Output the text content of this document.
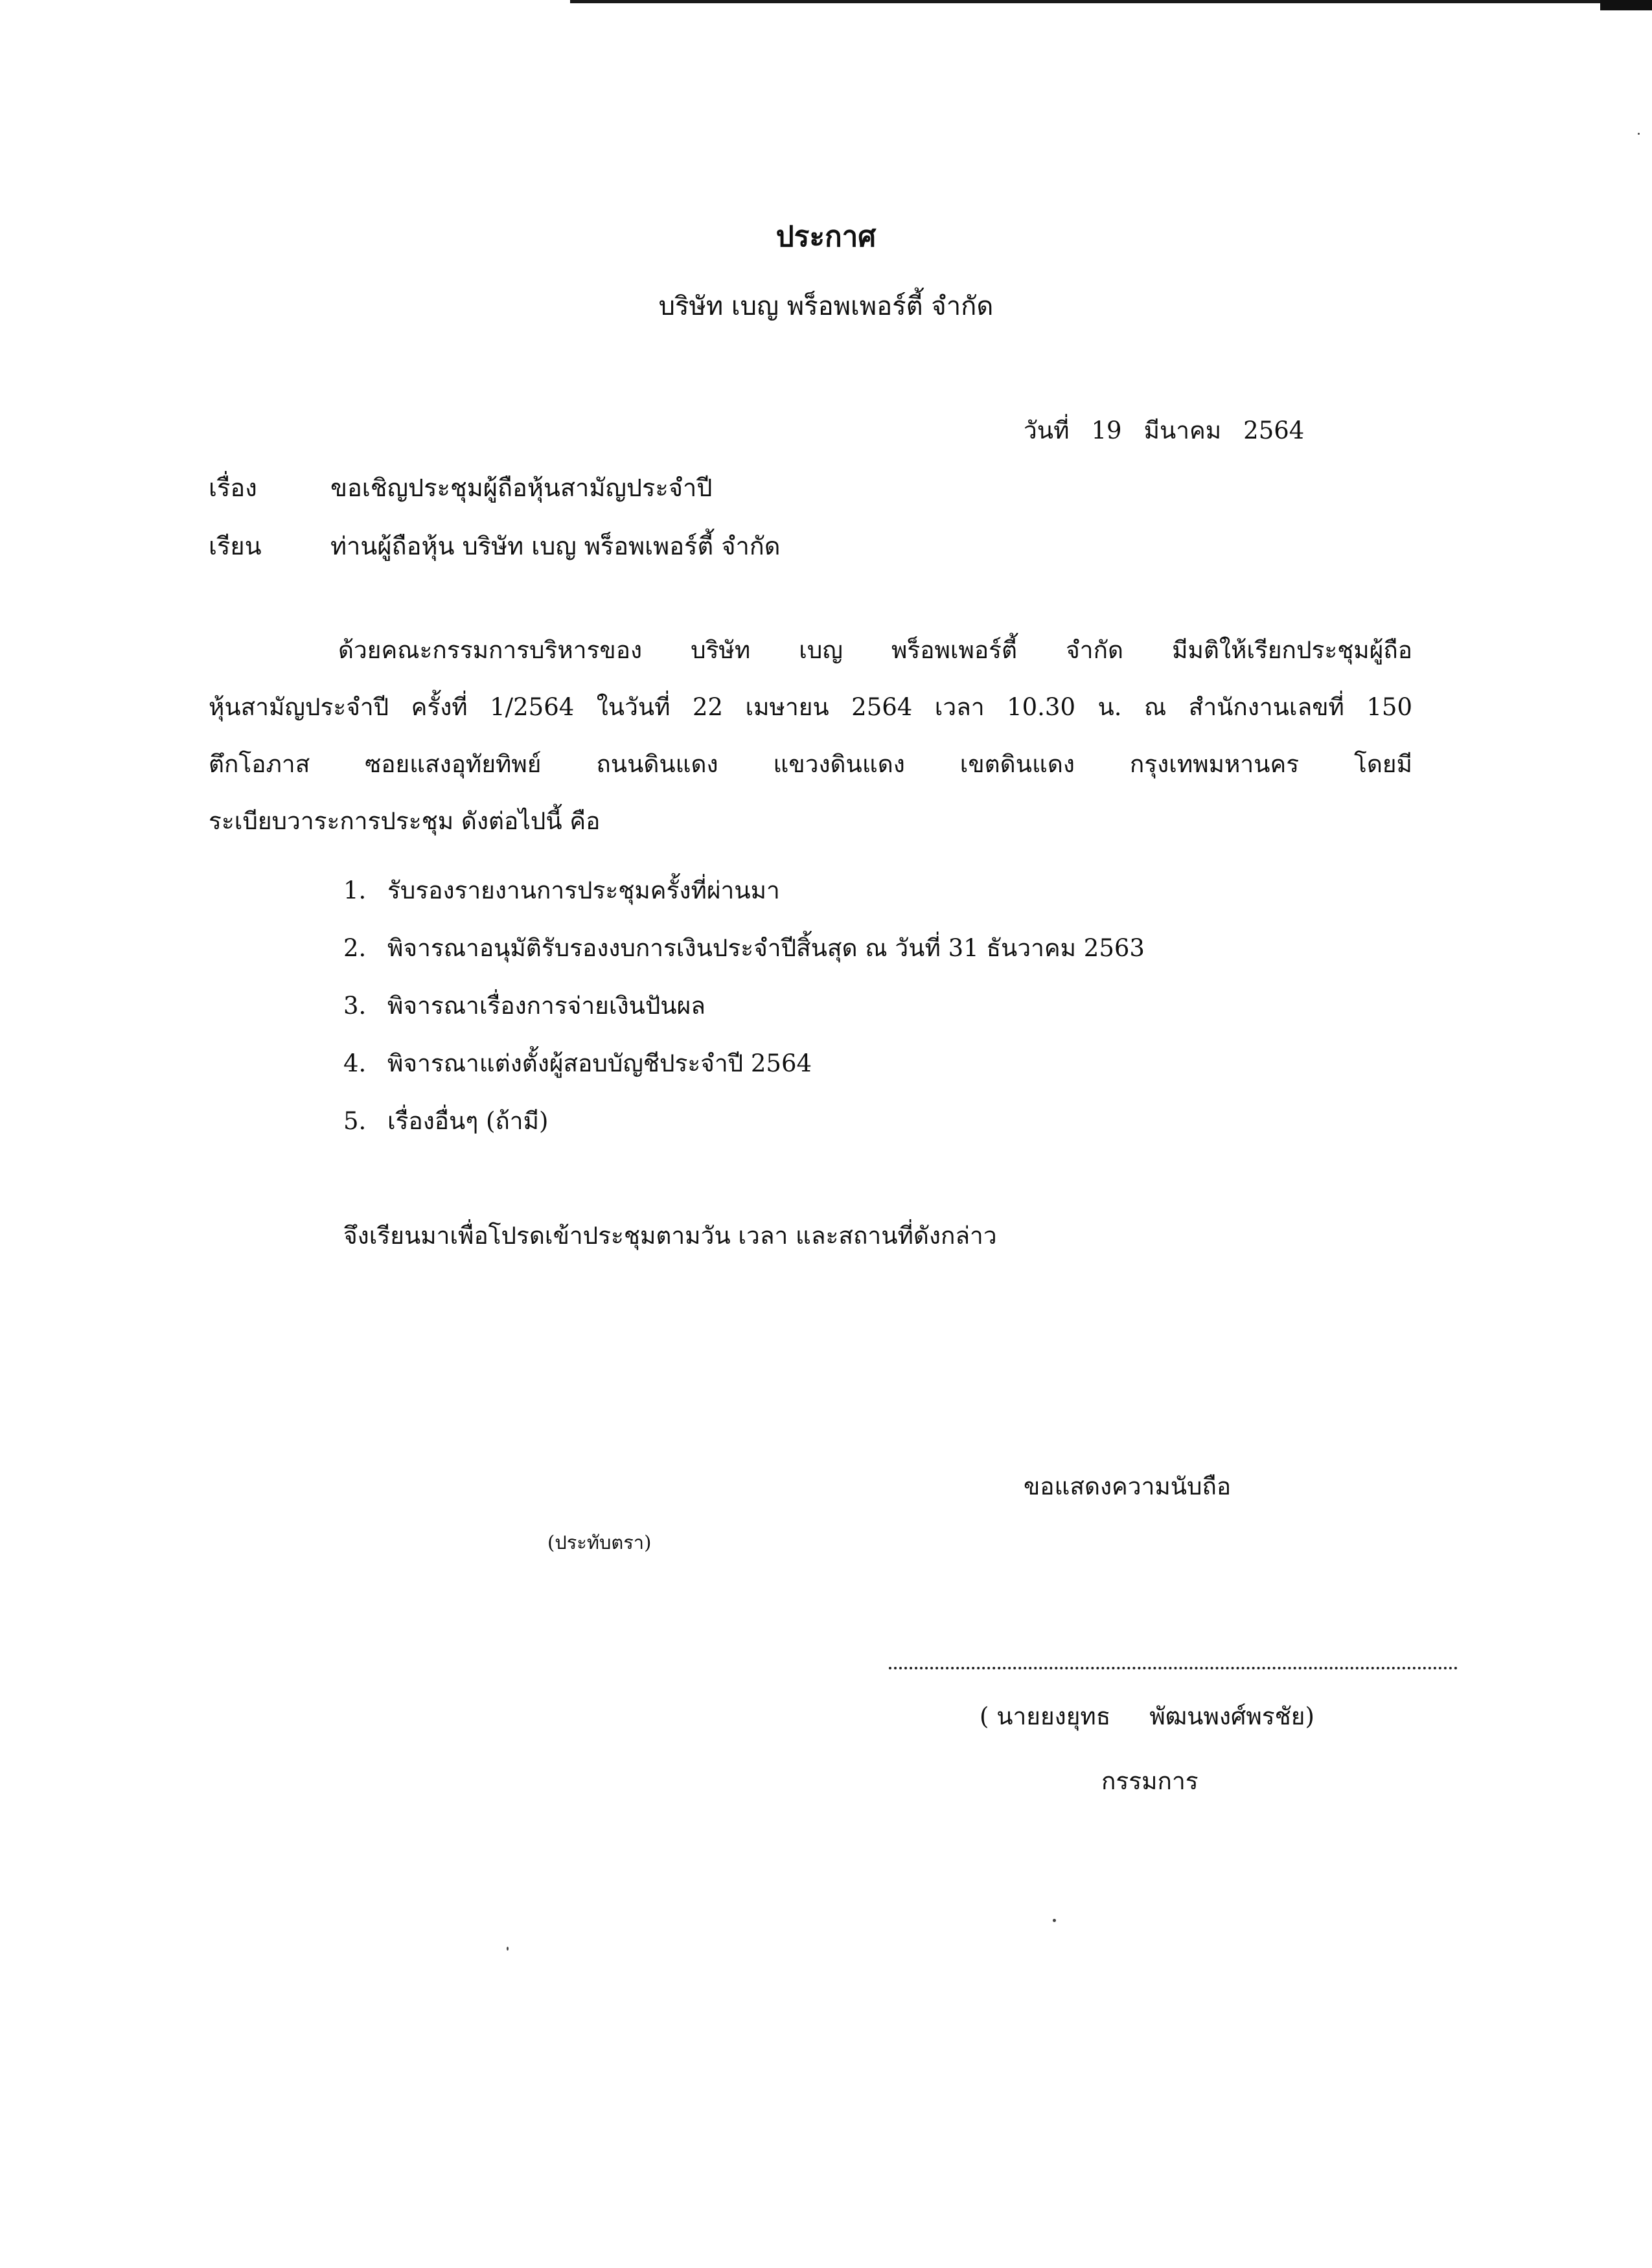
ประกาศ
บริษัท เบญ พร็อพเพอร์ตี้ จำกัด
วันที่ 19 มีนาคม 2564
เรื่อง	ขอเชิญประชุมผู้ถือหุ้นสามัญประจำปี
เรียน	ท่านผู้ถือหุ้น บริษัท เบญ พร็อพเพอร์ตี้ จำกัด
ด้วยคณะกรรมการบริหารของ บริษัท เบญ พร็อพเพอร์ตี้ จำกัด มีมติให้เรียกประชุมผู้ถือ
หุ้นสามัญประจำปี ครั้งที่ 1/2564 ในวันที่ 22 เมษายน 2564 เวลา 10.30 น. ณ สำนักงานเลขที่ 150
ตึกโอภาส ซอยแสงอุทัยทิพย์ ถนนดินแดง แขวงดินแดง เขตดินแดง กรุงเทพมหานคร โดยมี
ระเบียบวาระการประชุม ดังต่อไปนี้ คือ
1. รับรองรายงานการประชุมครั้งที่ผ่านมา
2. พิจารณาอนุมัติรับรองงบการเงินประจำปีสิ้นสุด ณ วันที่ 31 ธันวาคม 2563
3. พิจารณาเรื่องการจ่ายเงินปันผล
4. พิจารณาแต่งตั้งผู้สอบบัญชีประจำปี 2564
5. เรื่องอื่นๆ (ถ้ามี)
จึงเรียนมาเพื่อโปรดเข้าประชุมตามวัน เวลา และสถานที่ดังกล่าว
ขอแสดงความนับถือ
(ประทับตรา)
( นายยงยุทธ พัฒนพงศ์พรชัย)
กรรมการ
